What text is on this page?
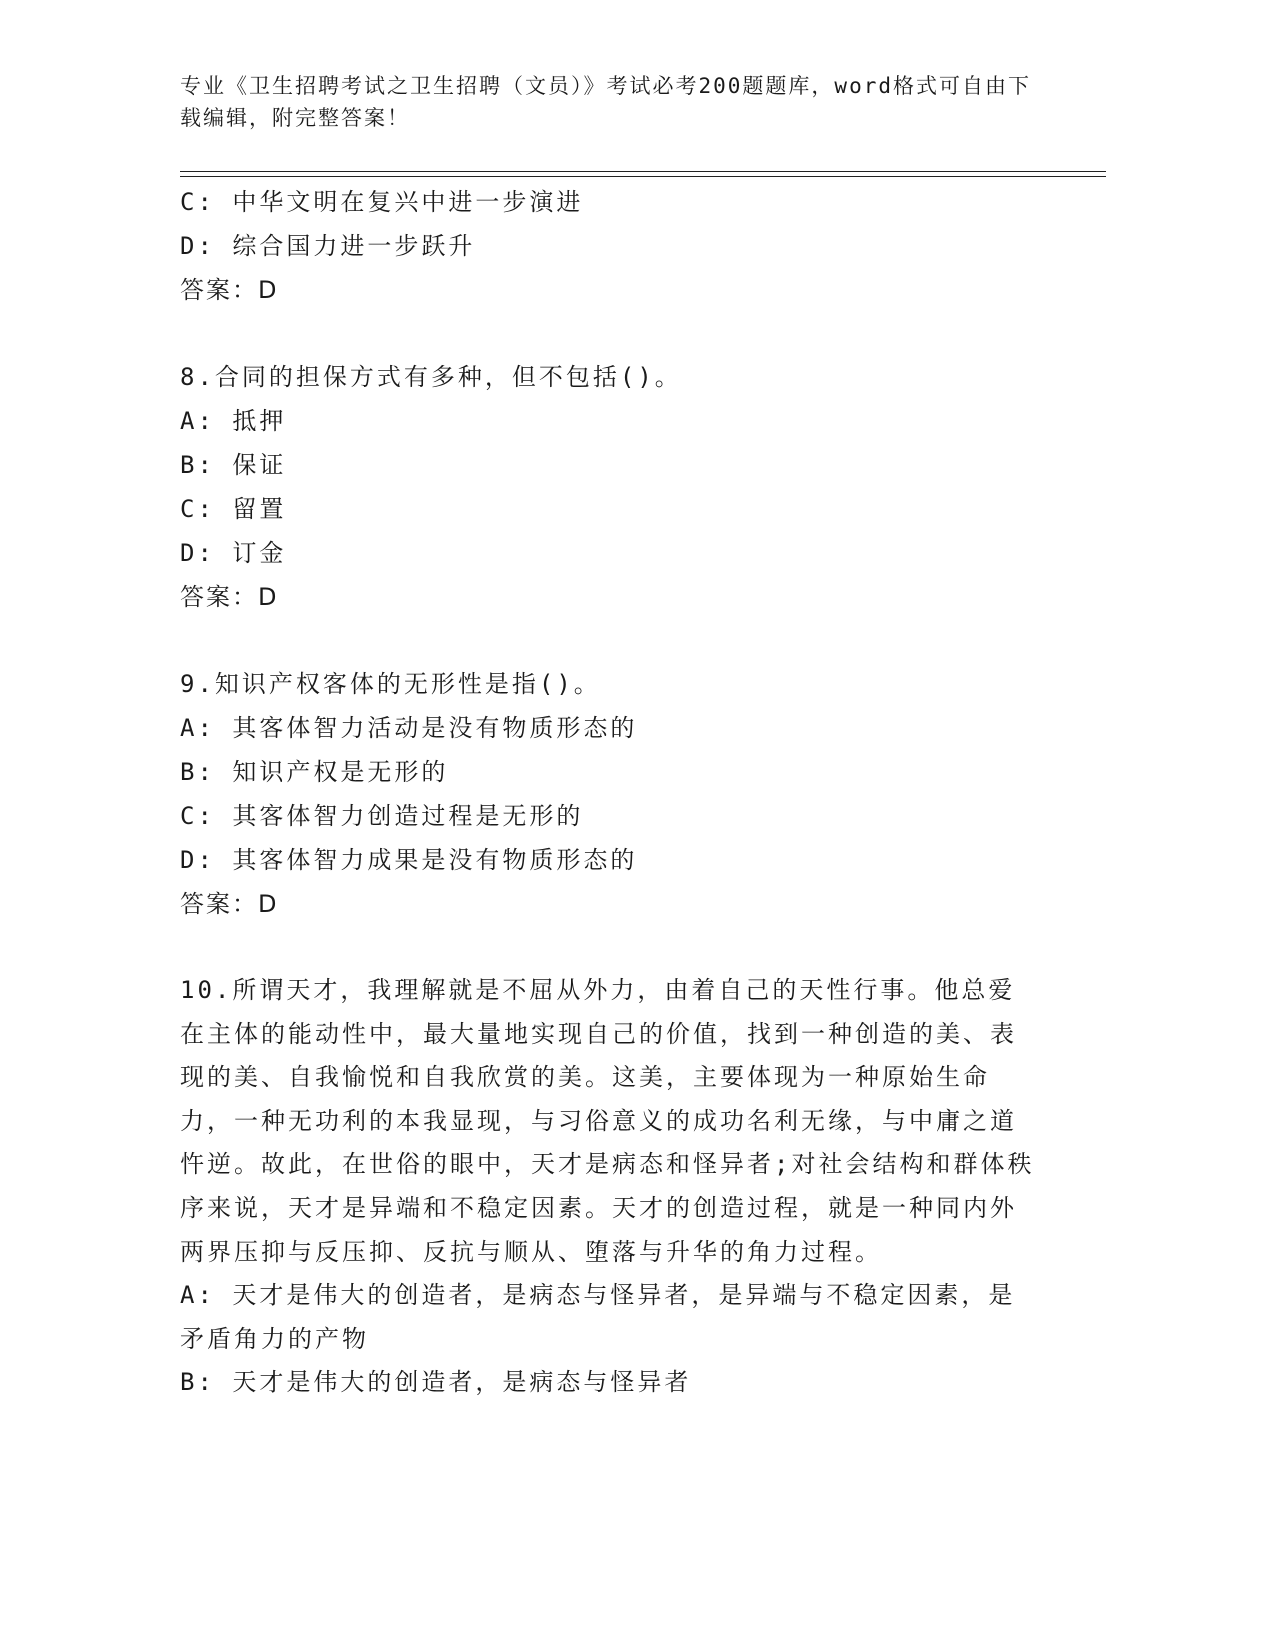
专业《卫生招聘考试之卫生招聘（文员）》考试必考200题题库，word格式可自由下载编辑，附完整答案！
C: 中华文明在复兴中进一步演进
D: 综合国力进一步跃升
答案：D
8.合同的担保方式有多种，但不包括()。
A: 抵押
B: 保证
C: 留置
D: 订金
答案：D
9.知识产权客体的无形性是指()。
A: 其客体智力活动是没有物质形态的
B: 知识产权是无形的
C: 其客体智力创造过程是无形的
D: 其客体智力成果是没有物质形态的
答案：D
10.所谓天才，我理解就是不屈从外力，由着自己的天性行事。他总爱在主体的能动性中，最大量地实现自己的价值，找到一种创造的美、表现的美、自我愉悦和自我欣赏的美。这美，主要体现为一种原始生命力，一种无功利的本我显现，与习俗意义的成功名利无缘，与中庸之道忤逆。故此，在世俗的眼中，天才是病态和怪异者;对社会结构和群体秩序来说，天才是异端和不稳定因素。天才的创造过程，就是一种同内外两界压抑与反压抑、反抗与顺从、堕落与升华的角力过程。
A: 天才是伟大的创造者，是病态与怪异者，是异端与不稳定因素，是矛盾角力的产物
B: 天才是伟大的创造者，是病态与怪异者
